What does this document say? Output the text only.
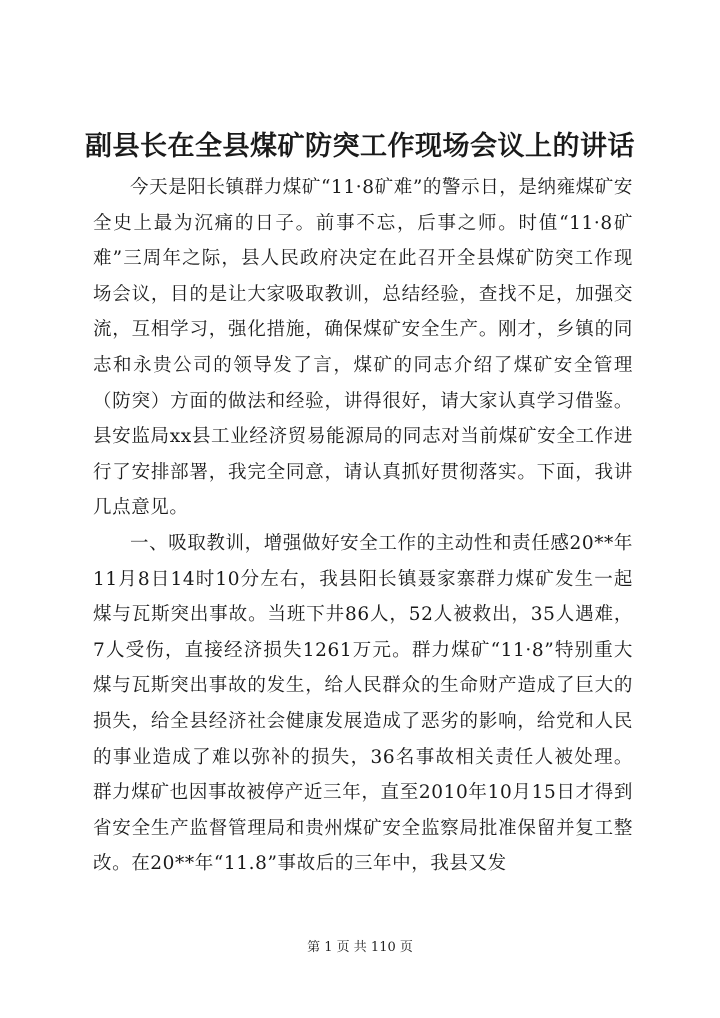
副县长在全县煤矿防突工作现场会议上的讲话

今天是阳长镇群力煤矿“11·8矿难”的警示日，是纳雍煤矿安全史上最为沉痛的日子。前事不忘，后事之师。时值“11·8矿难”三周年之际，县人民政府决定在此召开全县煤矿防突工作现场会议，目的是让大家吸取教训，总结经验，查找不足，加强交流，互相学习，强化措施，确保煤矿安全生产。刚才，乡镇的同志和永贵公司的领导发了言，煤矿的同志介绍了煤矿安全管理（防突）方面的做法和经验，讲得很好，请大家认真学习借鉴。县安监局xx县工业经济贸易能源局的同志对当前煤矿安全工作进行了安排部署，我完全同意，请认真抓好贯彻落实。下面，我讲几点意见。

一、吸取教训，增强做好安全工作的主动性和责任感20**年11月8日14时10分左右，我县阳长镇聂家寨群力煤矿发生一起煤与瓦斯突出事故。当班下井86人，52人被救出，35人遇难，7人受伤，直接经济损失1261万元。群力煤矿“11·8”特别重大煤与瓦斯突出事故的发生，给人民群众的生命财产造成了巨大的损失，给全县经济社会健康发展造成了恶劣的影响，给党和人民的事业造成了难以弥补的损失，36名事故相关责任人被处理。群力煤矿也因事故被停产近三年，直至2010年10月15日才得到省安全生产监督管理局和贵州煤矿安全监察局批准保留并复工整改。在20**年“11.8”事故后的三年中，我县又发

第 1 页 共 110 页
